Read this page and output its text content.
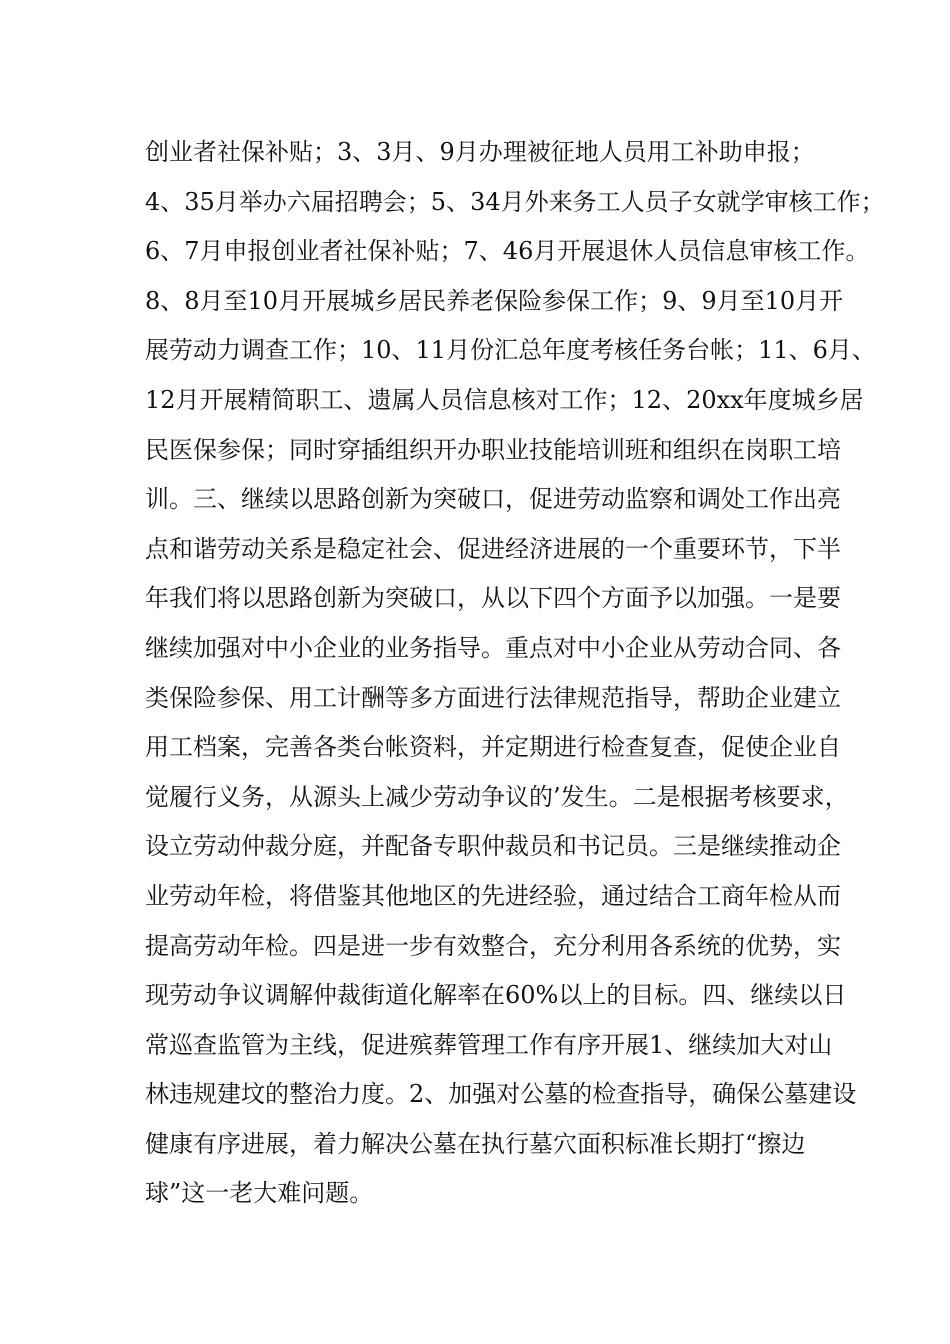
创业者社保补贴；3、3月、9月办理被征地人员用工补助申报；
4、35月举办六届招聘会；5、34月外来务工人员子女就学审核工作；
6、7月申报创业者社保补贴；7、46月开展退休人员信息审核工作。
8、8月至10月开展城乡居民养老保险参保工作；9、9月至10月开
展劳动力调查工作；10、11月份汇总年度考核任务台帐；11、6月、
12月开展精简职工、遗属人员信息核对工作；12、20xx年度城乡居
民医保参保；同时穿插组织开办职业技能培训班和组织在岗职工培
训。三、继续以思路创新为突破口，促进劳动监察和调处工作出亮
点和谐劳动关系是稳定社会、促进经济进展的一个重要环节，下半
年我们将以思路创新为突破口，从以下四个方面予以加强。一是要
继续加强对中小企业的业务指导。重点对中小企业从劳动合同、各
类保险参保、用工计酬等多方面进行法律规范指导，帮助企业建立
用工档案，完善各类台帐资料，并定期进行检查复查，促使企业自
觉履行义务，从源头上减少劳动争议的’发生。二是根据考核要求，
设立劳动仲裁分庭，并配备专职仲裁员和书记员。三是继续推动企
业劳动年检，将借鉴其他地区的先进经验，通过结合工商年检从而
提高劳动年检。四是进一步有效整合，充分利用各系统的优势，实
现劳动争议调解仲裁街道化解率在60%以上的目标。四、继续以日
常巡查监管为主线，促进殡葬管理工作有序开展1、继续加大对山
林违规建坟的整治力度。2、加强对公墓的检查指导，确保公墓建设
健康有序进展，着力解决公墓在执行墓穴面积标准长期打“擦边
球”这一老大难问题。
